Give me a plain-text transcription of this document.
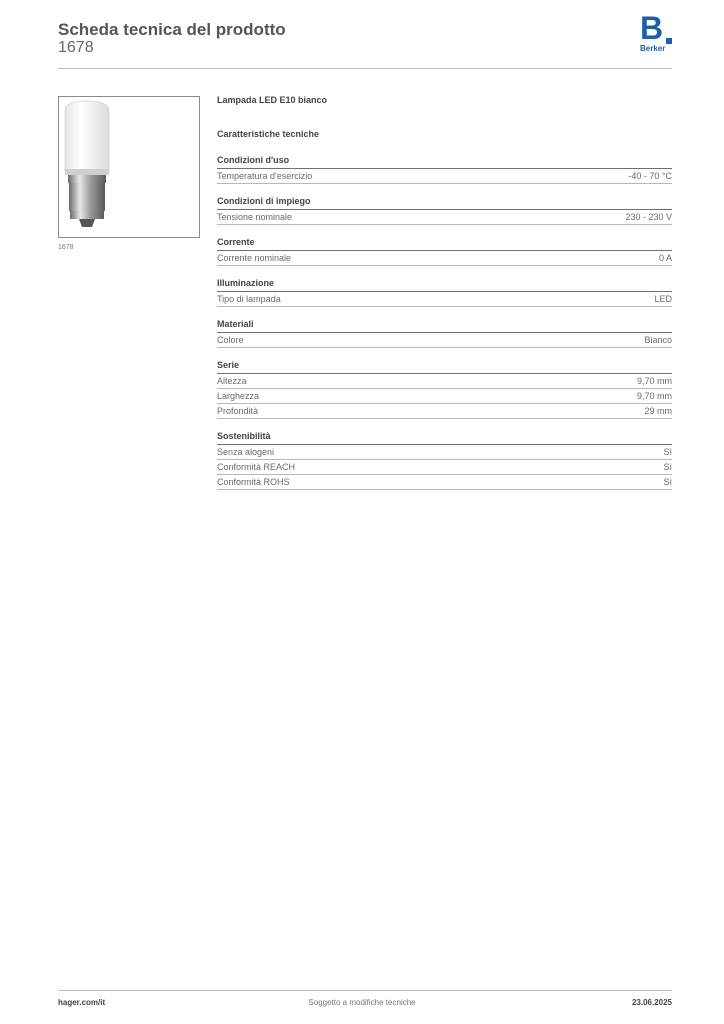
Scheda tecnica del prodotto
1678
B
Berker
1678
Lampada LED E10 bianco
Caratteristiche tecniche
Condizioni d'uso
Temperatura d'esercizio	-40 - 70 °C
Condizioni di impiego
Tensione nominale	230 - 230 V
Corrente
Corrente nominale	0 A
Illuminazione
Tipo di lampada	LED
Materiali
Colore	Bianco
Serie
Altezza	9,70 mm
Larghezza	9,70 mm
Profondità	29 mm
Sostenibilità
Senza alogeni	Sì
Conformità REACH	Sì
Conformità ROHS	Sì
hager.com/it	Soggetto a modifiche tecniche	23.06.2025
